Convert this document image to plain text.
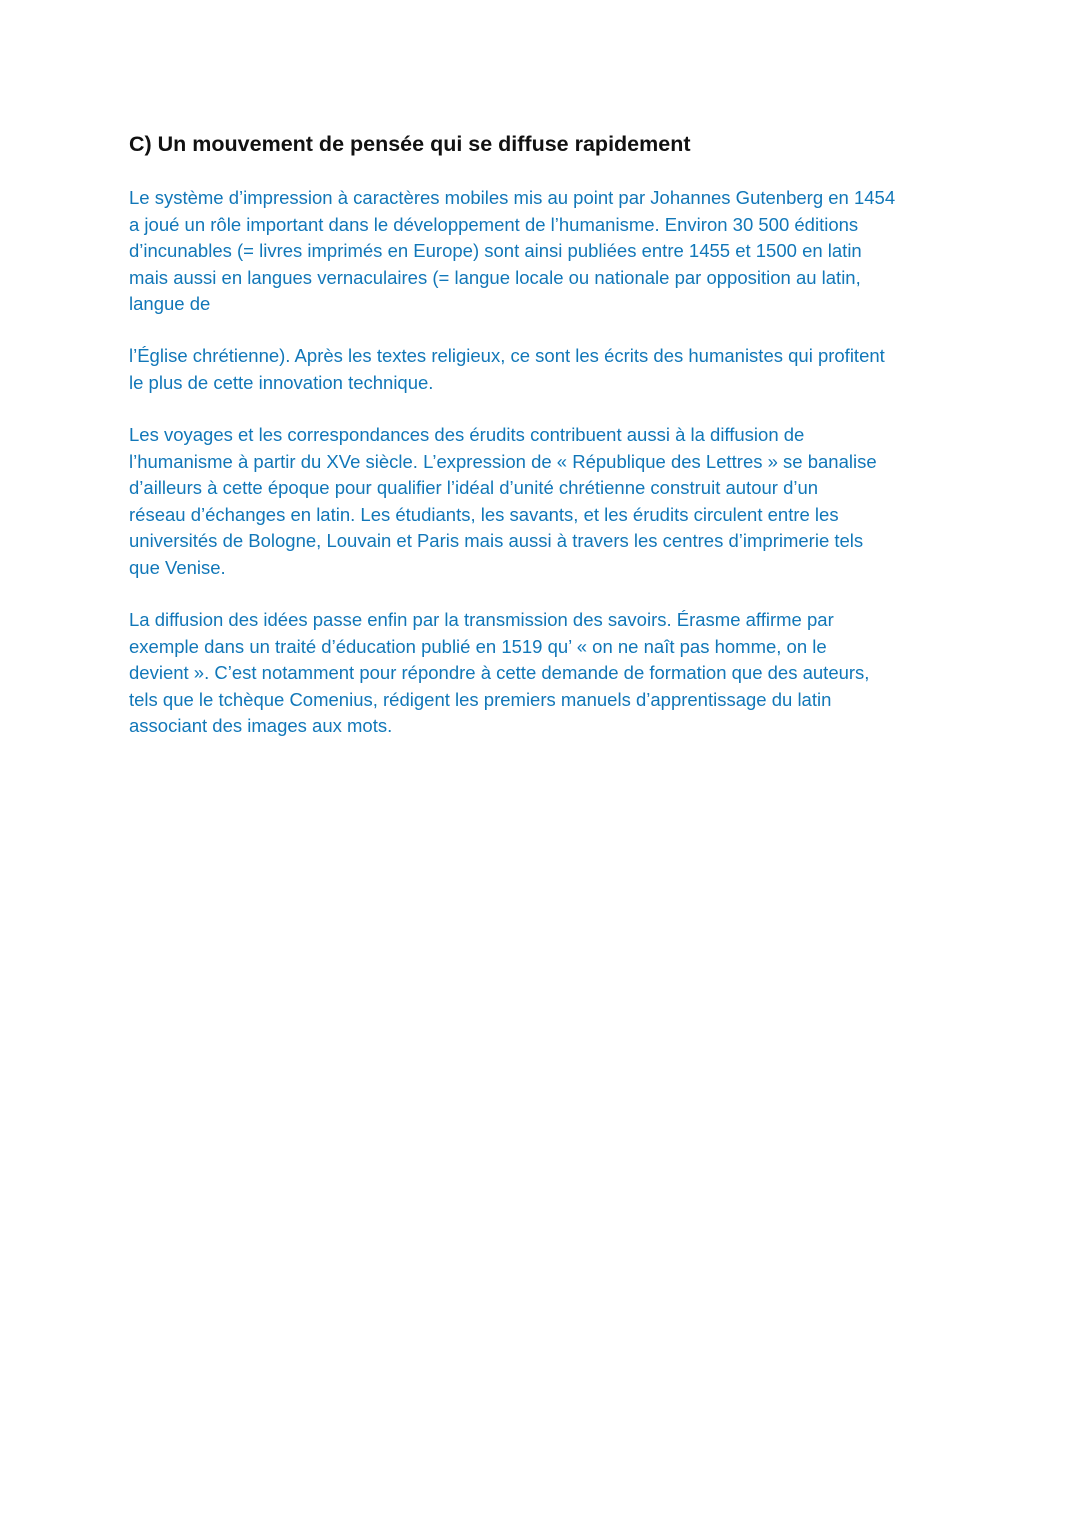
C) Un mouvement de pensée qui se diffuse rapidement
Le système d’impression à caractères mobiles mis au point par Johannes Gutenberg en 1454
a joué un rôle important dans le développement de l’humanisme. Environ 30 500 éditions
d’incunables (= livres imprimés en Europe) sont ainsi publiées entre 1455 et 1500 en latin
mais aussi en langues vernaculaires (= langue locale ou nationale par opposition au latin,
langue de
l’Église chrétienne). Après les textes religieux, ce sont les écrits des humanistes qui profitent
le plus de cette innovation technique.
Les voyages et les correspondances des érudits contribuent aussi à la diffusion de
l’humanisme à partir du XVe siècle. L’expression de « République des Lettres » se banalise
d’ailleurs à cette époque pour qualifier l’idéal d’unité chrétienne construit autour d’un
réseau d’échanges en latin. Les étudiants, les savants, et les érudits circulent entre les
universités de Bologne, Louvain et Paris mais aussi à travers les centres d’imprimerie tels
que Venise.
La diffusion des idées passe enfin par la transmission des savoirs. Érasme affirme par
exemple dans un traité d’éducation publié en 1519 qu’ « on ne naît pas homme, on le
devient ». C’est notamment pour répondre à cette demande de formation que des auteurs,
tels que le tchèque Comenius, rédigent les premiers manuels d’apprentissage du latin
associant des images aux mots.
